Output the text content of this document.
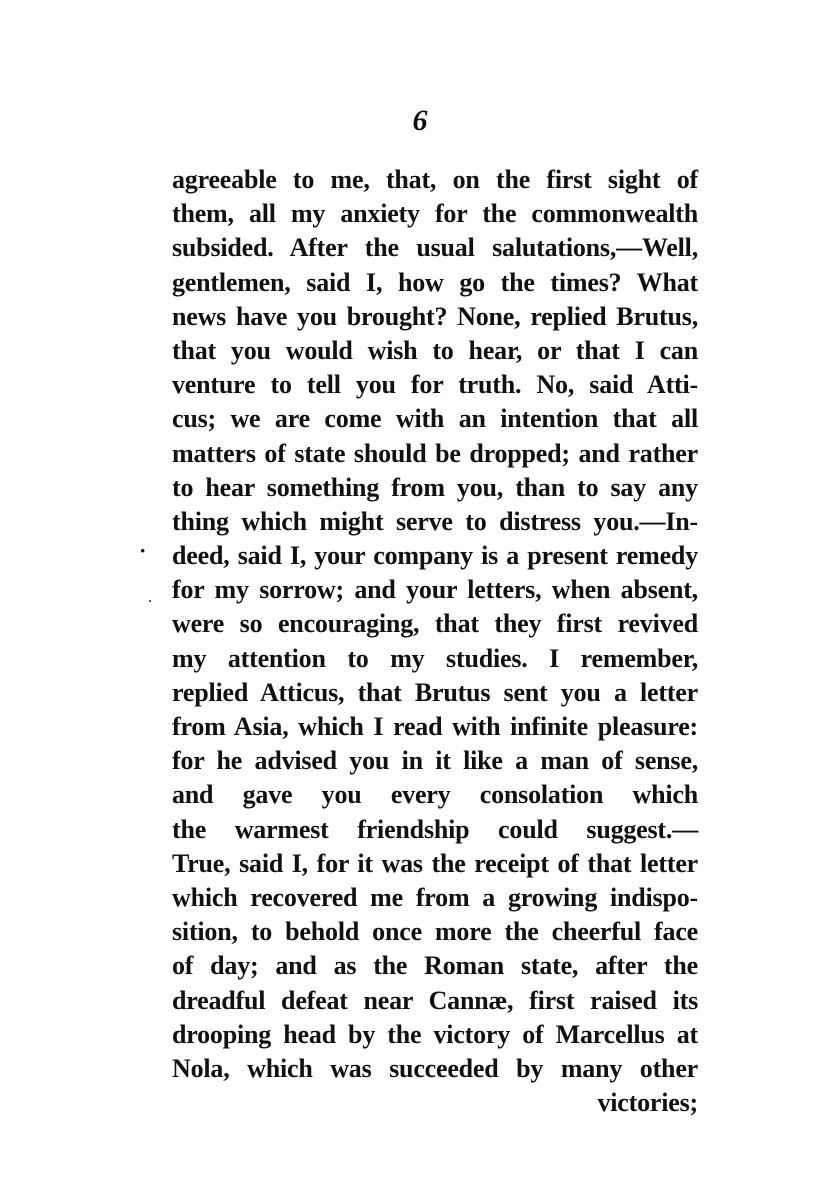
6
·
·
agreeable to me, that, on the first sight of
them, all my anxiety for the commonwealth
subsided. After the usual salutations,—Well,
gentlemen, said I, how go the times? What
news have you brought? None, replied Brutus,
that you would wish to hear, or that I can
venture to tell you for truth. No, said Atti-
cus; we are come with an intention that all
matters of state should be dropped; and rather
to hear something from you, than to say any
thing which might serve to distress you.—In-
deed, said I, your company is a present remedy
for my sorrow; and your letters, when absent,
were so encouraging, that they first revived
my attention to my studies. I remember,
replied Atticus, that Brutus sent you a letter
from Asia, which I read with infinite pleasure:
for he advised you in it like a man of sense,
and gave you every consolation which
the warmest friendship could suggest.—
True, said I, for it was the receipt of that letter
which recovered me from a growing indispo-
sition, to behold once more the cheerful face
of day; and as the Roman state, after the
dreadful defeat near Cannæ, first raised its
drooping head by the victory of Marcellus at
Nola, which was succeeded by many other
victories;
